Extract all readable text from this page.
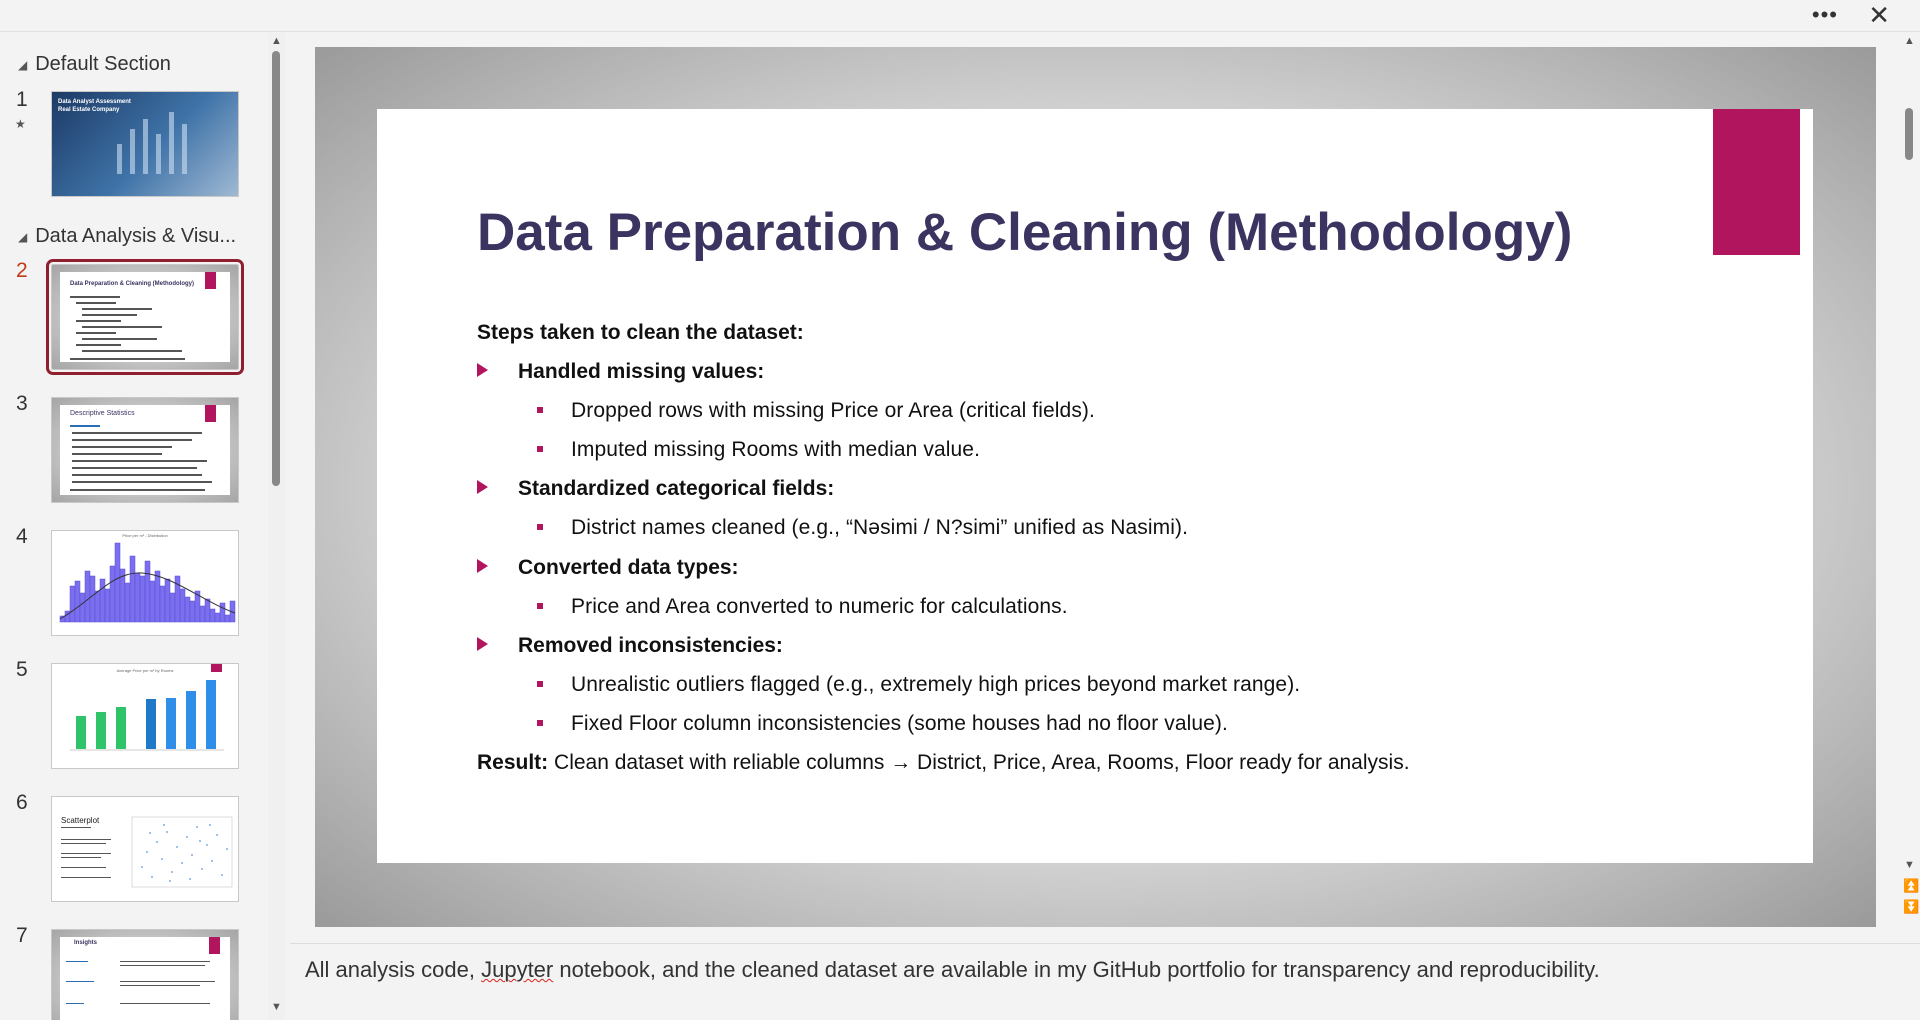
••• ✕
◢ Default Section
1
★
Data Analyst Assessment
Real Estate Company
◢ Data Analysis & Visu...
2
Data Preparation & Cleaning (Methodology)
3	Descriptive Statistics
4	Price per m² - Distribution
5	Average Price per m² by Rooms
6
Scatterplot
7	Insights
▲
▼
Data Preparation & Cleaning (Methodology)
Steps taken to clean the dataset:
Handled missing values:
Dropped rows with missing Price or Area (critical fields).
Imputed missing Rooms with median value.
Standardized categorical fields:
District names cleaned (e.g., “Nəsimi / N?simi” unified as Nasimi).
Converted data types:
Price and Area converted to numeric for calculations.
Removed inconsistencies:
Unrealistic outliers flagged (e.g., extremely high prices beyond market range).
Fixed Floor column inconsistencies (some houses had no floor value).
Result: Clean dataset with reliable columns → District, Price, Area, Rooms, Floor ready for analysis.
▲
▼
⏫
⏬
All analysis code, Jupyter notebook, and the cleaned dataset are available in my GitHub portfolio for transparency and reproducibility.
